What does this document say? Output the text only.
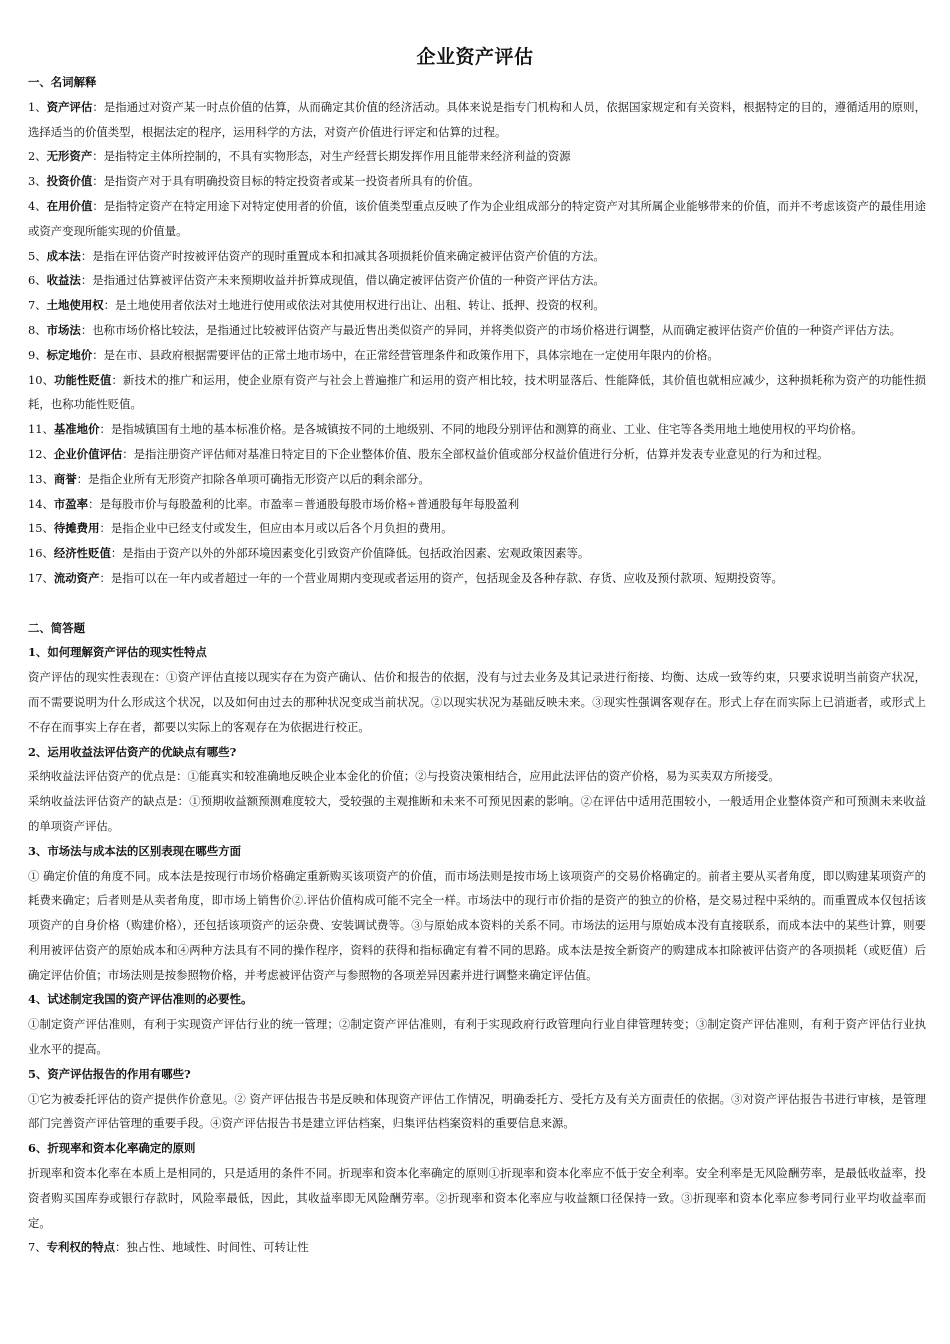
企业资产评估

一、名词解释

1、资产评估：是指通过对资产某一时点价值的估算，从而确定其价值的经济活动。具体来说是指专门机构和人员，依据国家规定和有关资料，根据特定的目的，遵循适用的原则，选择适当的价值类型，根据法定的程序，运用科学的方法，对资产价值进行评定和估算的过程。

2、无形资产：是指特定主体所控制的，不具有实物形态，对生产经营长期发挥作用且能带来经济利益的资源

3、投资价值：是指资产对于具有明确投资目标的特定投资者或某一投资者所具有的价值。

4、在用价值：是指特定资产在特定用途下对特定使用者的价值，该价值类型重点反映了作为企业组成部分的特定资产对其所属企业能够带来的价值，而并不考虑该资产的最佳用途或资产变现所能实现的价值量。

5、成本法：是指在评估资产时按被评估资产的现时重置成本和扣减其各项损耗价值来确定被评估资产价值的方法。

6、收益法：是指通过估算被评估资产未来预期收益并折算成现值，借以确定被评估资产价值的一种资产评估方法。

7、土地使用权：是土地使用者依法对土地进行使用或依法对其使用权进行出让、出租、转让、抵押、投资的权利。

8、市场法：也称市场价格比较法，是指通过比较被评估资产与最近售出类似资产的异同，并将类似资产的市场价格进行调整，从而确定被评估资产价值的一种资产评估方法。

9、标定地价：是在市、县政府根据需要评估的正常土地市场中，在正常经营管理条件和政策作用下，具体宗地在一定使用年限内的价格。

10、功能性贬值：新技术的推广和运用，使企业原有资产与社会上普遍推广和运用的资产相比较，技术明显落后、性能降低，其价值也就相应减少，这种损耗称为资产的功能性损耗，也称功能性贬值。

11、基准地价：是指城镇国有土地的基本标准价格。是各城镇按不同的土地级别、不同的地段分别评估和测算的商业、工业、住宅等各类用地土地使用权的平均价格。

12、企业价值评估：是指注册资产评估师对基准日特定目的下企业整体价值、股东全部权益价值或部分权益价值进行分析，估算并发表专业意见的行为和过程。

13、商誉：是指企业所有无形资产扣除各单项可确指无形资产以后的剩余部分。

14、市盈率：是每股市价与每股盈利的比率。市盈率＝普通股每股市场价格÷普通股每年每股盈利

15、待摊费用：是指企业中已经支付或发生，但应由本月或以后各个月负担的费用。

16、经济性贬值：是指由于资产以外的外部环境因素变化引致资产价值降低。包括政治因素、宏观政策因素等。

17、流动资产：是指可以在一年内或者超过一年的一个营业周期内变现或者运用的资产，包括现金及各种存款、存货、应收及预付款项、短期投资等。

二、简答题

1、如何理解资产评估的现实性特点

资产评估的现实性表现在：①资产评估直接以现实存在为资产确认、估价和报告的依据，没有与过去业务及其记录进行衔接、均衡、达成一致等约束，只要求说明当前资产状况，而不需要说明为什么形成这个状况，以及如何由过去的那种状况变成当前状况。②以现实状况为基础反映未来。③现实性强调客观存在。形式上存在而实际上已消逝者，或形式上不存在而事实上存在者，都要以实际上的客观存在为依据进行校正。

2、运用收益法评估资产的优缺点有哪些?

采纳收益法评估资产的优点是：①能真实和较准确地反映企业本金化的价值；②与投资决策相结合，应用此法评估的资产价格，易为买卖双方所接受。

采纳收益法评估资产的缺点是：①预期收益额预测难度较大，受较强的主观推断和未来不可预见因素的影响。②在评估中适用范围较小，一般适用企业整体资产和可预测未来收益的单项资产评估。

3、市场法与成本法的区别表现在哪些方面

① 确定价值的角度不同。成本法是按现行市场价格确定重新购买该项资产的价值，而市场法则是按市场上该项资产的交易价格确定的。前者主要从买者角度，即以购建某项资产的耗费来确定；后者则是从卖者角度，即市场上销售价②.评估价值构成可能不完全一样。市场法中的现行市价指的是资产的独立的价格，是交易过程中采纳的。而重置成本仅包括该项资产的自身价格（购建价格），还包括该项资产的运杂费、安装调试费等。③与原始成本资料的关系不同。市场法的运用与原始成本没有直接联系，而成本法中的某些计算，则要利用被评估资产的原始成本和④两种方法具有不同的操作程序，资料的获得和指标确定有着不同的思路。成本法是按全新资产的购建成本扣除被评估资产的各项损耗（或贬值）后确定评估价值；市场法则是按参照物价格，并考虑被评估资产与参照物的各项差异因素并进行调整来确定评估值。

4、试述制定我国的资产评估准则的必要性。

①制定资产评估准则，有利于实现资产评估行业的统一管理；②制定资产评估准则，有利于实现政府行政管理向行业自律管理转变；③制定资产评估准则，有利于资产评估行业执业水平的提高。

5、资产评估报告的作用有哪些?

①它为被委托评估的资产提供作价意见。② 资产评估报告书是反映和体现资产评估工作情况，明确委托方、受托方及有关方面责任的依据。③对资产评估报告书进行审核，是管理部门完善资产评估管理的重要手段。④资产评估报告书是建立评估档案，归集评估档案资料的重要信息来源。

6、折现率和资本化率确定的原则

折现率和资本化率在本质上是相同的，只是适用的条件不同。折现率和资本化率确定的原则①折现率和资本化率应不低于安全利率。安全利率是无风险酬劳率，是最低收益率，投资者购买国库券或银行存款时，风险率最低，因此，其收益率即无风险酬劳率。②折现率和资本化率应与收益额口径保持一致。③折现率和资本化率应参考同行业平均收益率而定。

7、专利权的特点：独占性、地域性、时间性、可转让性
